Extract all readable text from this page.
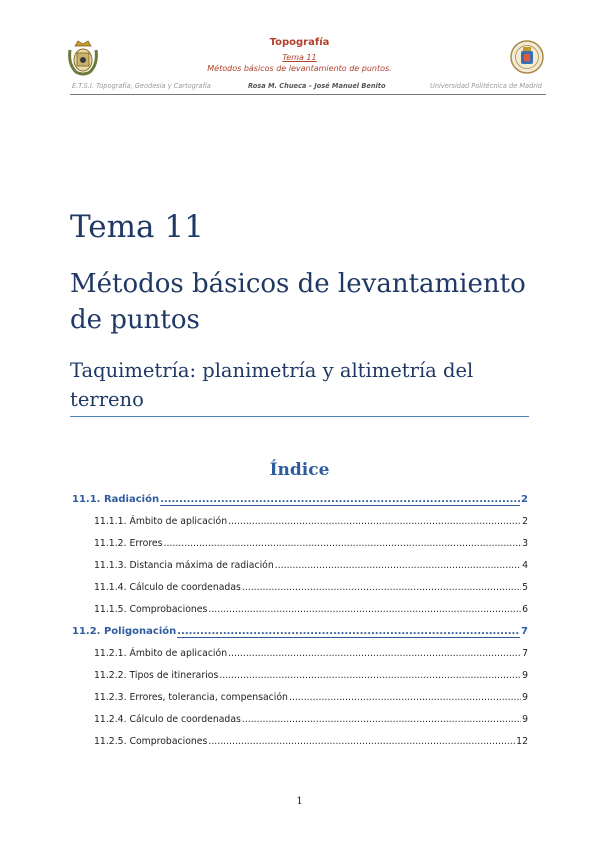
Topografía
Tema 11
Métodos básicos de levantamiento de puntos.
E.T.S.I. Topografía, Geodesia y Cartografía	Rosa M. Chueca – José Manuel Benito	Universidad Politécnica de Madrid
Tema 11
Métodos básicos de levantamiento de puntos
Taquimetría: planimetría y altimetría del terreno
Índice
11.1. Radiación .....	2
11.1.1. Ámbito de aplicación .....	2
11.1.2. Errores .....	3
11.1.3. Distancia máxima de radiación .....	4
11.1.4. Cálculo de coordenadas .....	5
11.1.5. Comprobaciones .....	6
11.2. Poligonación .....	7
11.2.1. Ámbito de aplicación .....	7
11.2.2. Tipos de itinerarios .....	9
11.2.3. Errores, tolerancia, compensación .....	9
11.2.4. Cálculo de coordenadas .....	9
11.2.5. Comprobaciones .....	12
1
